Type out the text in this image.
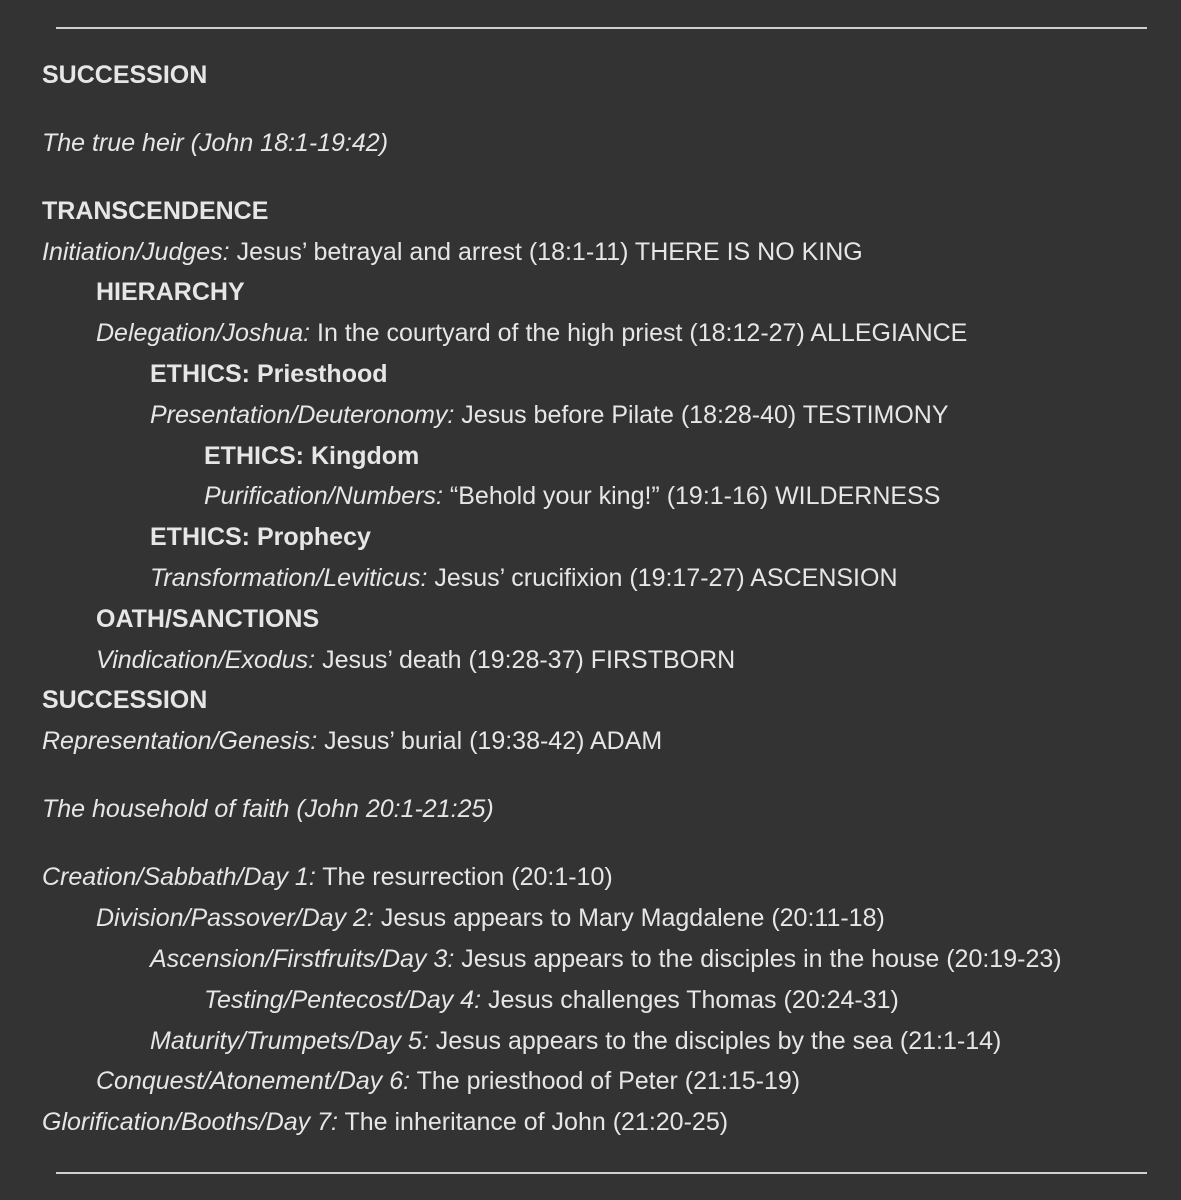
SUCCESSION
The true heir (John 18:1-19:42)
TRANSCENDENCE
Initiation/Judges: Jesus’ betrayal and arrest (18:1-11) THERE IS NO KING
HIERARCHY
Delegation/Joshua: In the courtyard of the high priest (18:12-27) ALLEGIANCE
ETHICS: Priesthood
Presentation/Deuteronomy: Jesus before Pilate (18:28-40) TESTIMONY
ETHICS: Kingdom
Purification/Numbers: “Behold your king!” (19:1-16) WILDERNESS
ETHICS: Prophecy
Transformation/Leviticus: Jesus’ crucifixion (19:17-27) ASCENSION
OATH/SANCTIONS
Vindication/Exodus: Jesus’ death (19:28-37) FIRSTBORN
SUCCESSION
Representation/Genesis: Jesus’ burial (19:38-42) ADAM
The household of faith (John 20:1-21:25)
Creation/Sabbath/Day 1: The resurrection (20:1-10)
Division/Passover/Day 2: Jesus appears to Mary Magdalene (20:11-18)
Ascension/Firstfruits/Day 3: Jesus appears to the disciples in the house (20:19-23)
Testing/Pentecost/Day 4: Jesus challenges Thomas (20:24-31)
Maturity/Trumpets/Day 5: Jesus appears to the disciples by the sea (21:1-14)
Conquest/Atonement/Day 6: The priesthood of Peter (21:15-19)
Glorification/Booths/Day 7: The inheritance of John (21:20-25)
